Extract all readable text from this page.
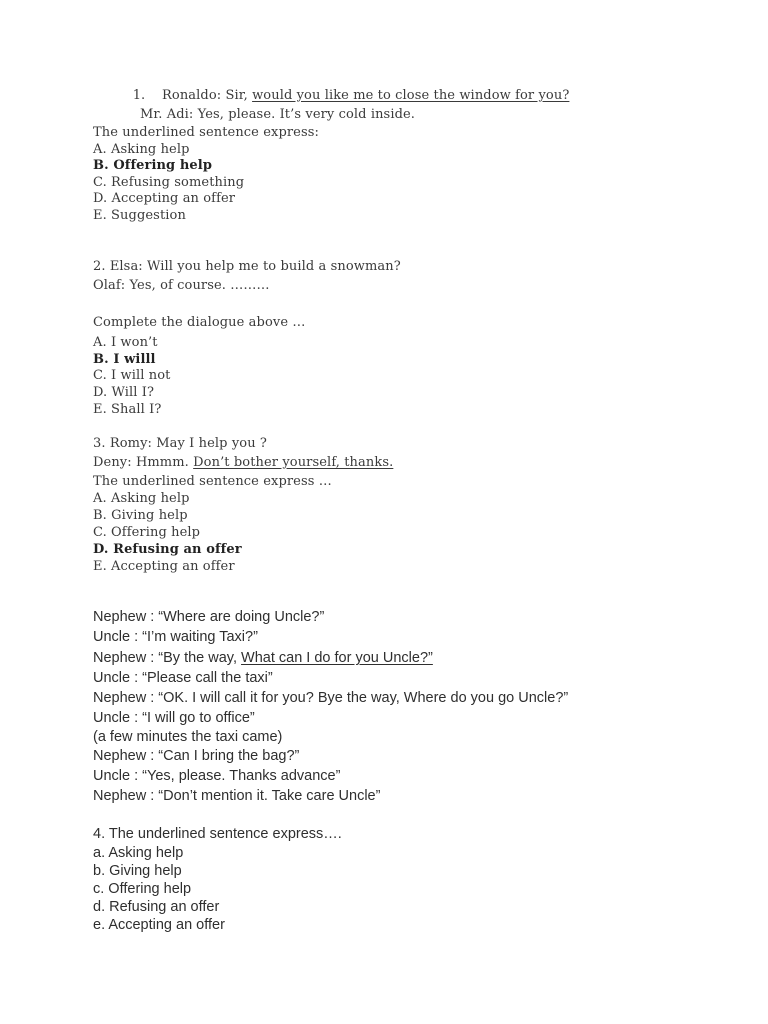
1. Ronaldo: Sir, would you like me to close the window for you?
Mr. Adi: Yes, please. It’s very cold inside.
The underlined sentence express:
A. Asking help
B. Offering help
C. Refusing something
D. Accepting an offer
E. Suggestion
2. Elsa: Will you help me to build a snowman?
Olaf: Yes, of course. ………
Complete the dialogue above …
A. I won’t
B. I willl
C. I will not
D. Will I?
E. Shall I?
3. Romy: May I help you ?
Deny: Hmmm. Don’t bother yourself, thanks.
The underlined sentence express …
A. Asking help
B. Giving help
C. Offering help
D. Refusing an offer
E. Accepting an offer
Nephew : “Where are doing Uncle?”
Uncle : “I’m waiting Taxi?”
Nephew : “By the way, What can I do for you Uncle?”
Uncle : “Please call the taxi”
Nephew : “OK. I will call it for you? Bye the way, Where do you go Uncle?”
Uncle : “I will go to office”
(a few minutes the taxi came)
Nephew : “Can I bring the bag?”
Uncle : “Yes, please. Thanks advance”
Nephew : “Don’t mention it. Take care Uncle”
4. The underlined sentence express….
a. Asking help
b. Giving help
c. Offering help
d. Refusing an offer
e. Accepting an offer
